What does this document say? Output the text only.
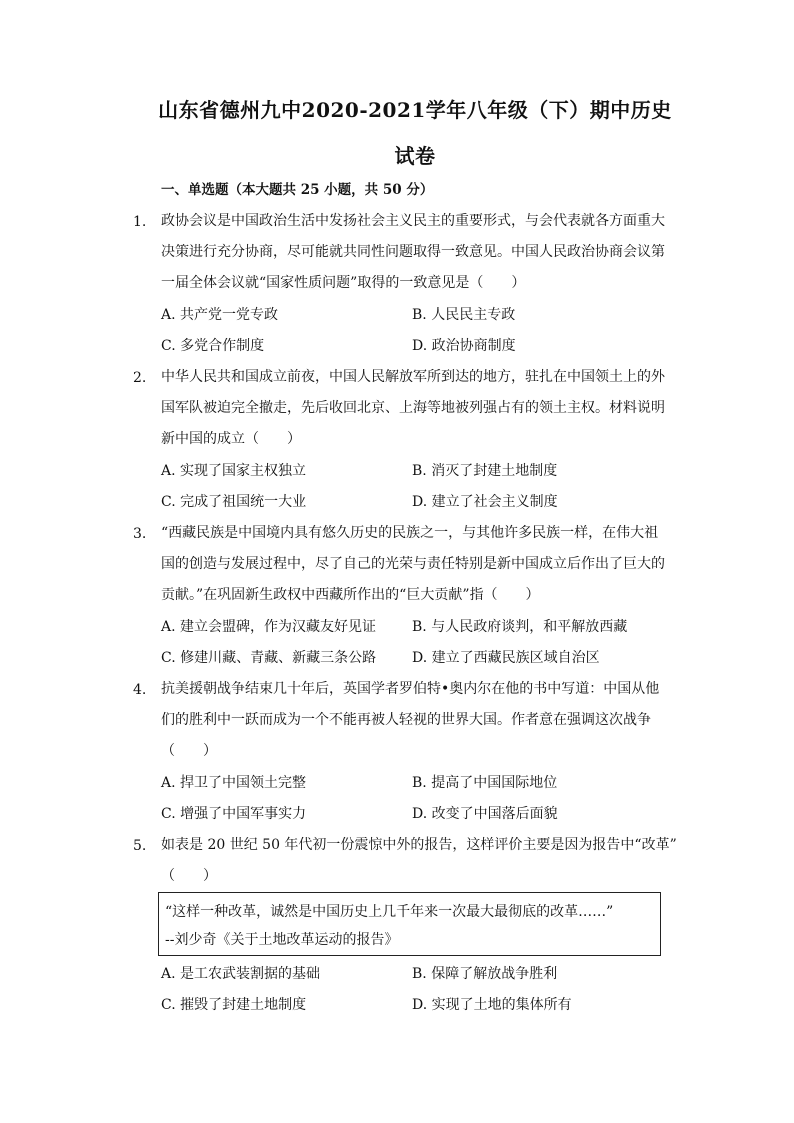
山东省德州九中2020-2021学年八年级（下）期中历史
试卷
一、单选题（本大题共 25 小题，共 50 分）
1. 政协会议是中国政治生活中发扬社会主义民主的重要形式，与会代表就各方面重大
决策进行充分协商，尽可能就共同性问题取得一致意见。中国人民政治协商会议第
一届全体会议就“国家性质问题”取得的一致意见是（　　）
A. 共产党一党专政	B. 人民民主专政
C. 多党合作制度	D. 政治协商制度
2. 中华人民共和国成立前夜，中国人民解放军所到达的地方，驻扎在中国领土上的外
国军队被迫完全撤走，先后收回北京、上海等地被列强占有的领土主权。材料说明
新中国的成立（　　）
A. 实现了国家主权独立	B. 消灭了封建土地制度
C. 完成了祖国统一大业	D. 建立了社会主义制度
3. “西藏民族是中国境内具有悠久历史的民族之一，与其他许多民族一样，在伟大祖
国的创造与发展过程中，尽了自己的光荣与责任特别是新中国成立后作出了巨大的
贡献。”在巩固新生政权中西藏所作出的“巨大贡献”指（　　）
A. 建立会盟碑，作为汉藏友好见证	B. 与人民政府谈判，和平解放西藏
C. 修建川藏、青藏、新藏三条公路	D. 建立了西藏民族区域自治区
4. 抗美援朝战争结束几十年后，英国学者罗伯特•奥内尔在他的书中写道：中国从他
们的胜利中一跃而成为一个不能再被人轻视的世界大国。作者意在强调这次战争
（　　）
A. 捍卫了中国领土完整	B. 提高了中国国际地位
C. 增强了中国军事实力	D. 改变了中国落后面貌
5. 如表是 20 世纪 50 年代初一份震惊中外的报告，这样评价主要是因为报告中“改革”
（　　）
“这样一种改革，诚然是中国历史上几千年来一次最大最彻底的改革……”
--刘少奇《关于土地改革运动的报告》
A. 是工农武装割据的基础	B. 保障了解放战争胜利
C. 摧毁了封建土地制度	D. 实现了土地的集体所有
